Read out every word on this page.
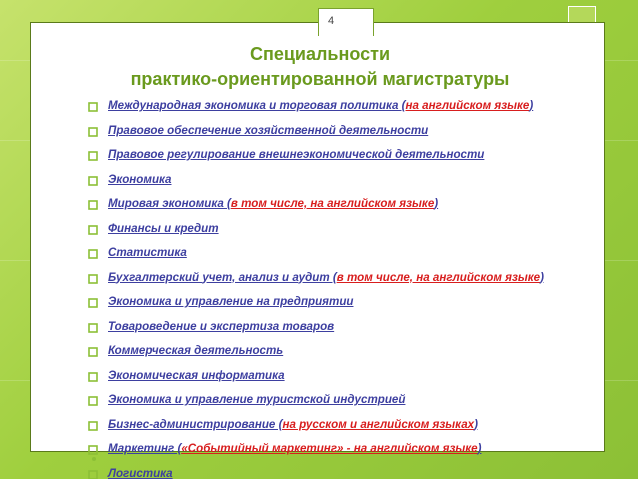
4
Специальности
практико-ориентированной магистратуры
Международная экономика и торговая политика (на английском языке)
Правовое обеспечение хозяйственной деятельности
Правовое регулирование внешнеэкономической деятельности
Экономика
Мировая экономика (в том числе, на английском языке)
Финансы и кредит
Статистика
Бухгалтерский учет, анализ и аудит (в том числе, на английском языке)
Экономика и управление на предприятии
Товароведение и экспертиза товаров
Коммерческая деятельность
Экономическая информатика
Экономика и управление туристской индустрией
Бизнес-администрирование (на русском и английском языках)
Маркетинг («Событийный маркетинг» - на английском языке)
Логистика
